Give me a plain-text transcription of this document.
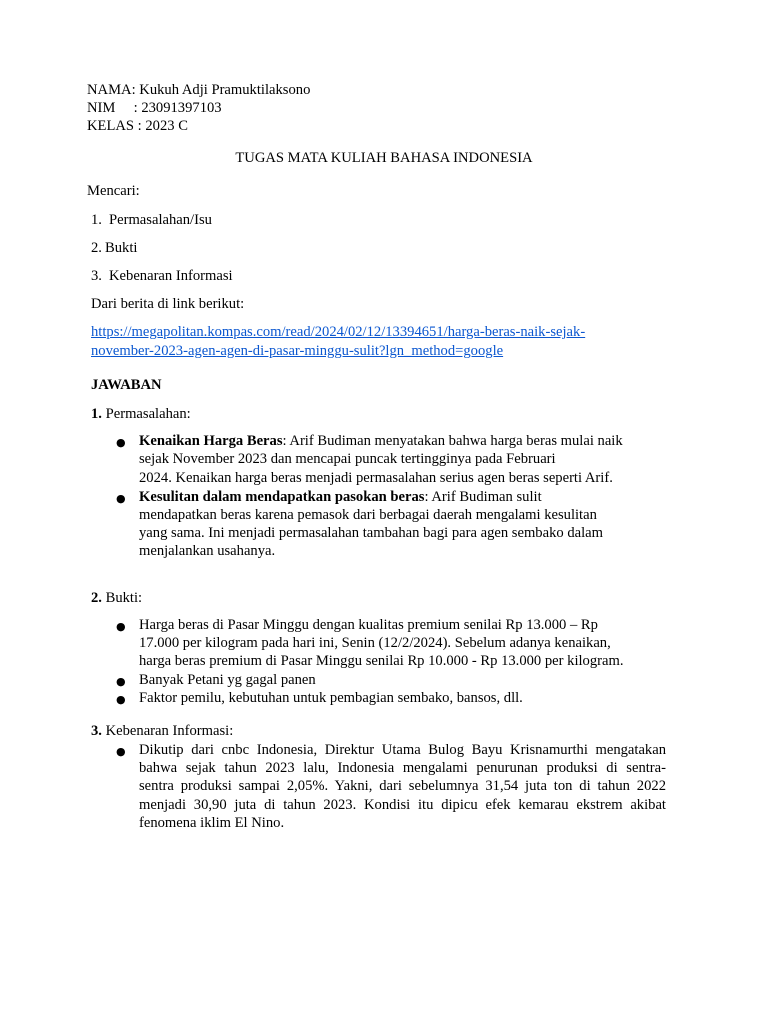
NAMA: Kukuh Adji Pramuktilaksono
NIM     : 23091397103
KELAS : 2023 C
TUGAS MATA KULIAH BAHASA INDONESIA
Mencari:
1. Permasalahan/Isu
2. Bukti
3. Kebenaran Informasi
Dari berita di link berikut:
https://megapolitan.kompas.com/read/2024/02/12/13394651/harga-beras-naik-sejak-
november-2023-agen-agen-di-pasar-minggu-sulit?lgn_method=google
JAWABAN
1. Permasalahan:
● Kenaikan Harga Beras: Arif Budiman menyatakan bahwa harga beras mulai naik
sejak November 2023 dan mencapai puncak tertingginya pada Februari
2024. Kenaikan harga beras menjadi permasalahan serius agen beras seperti Arif.
● Kesulitan dalam mendapatkan pasokan beras: Arif Budiman sulit
mendapatkan beras karena pemasok dari berbagai daerah mengalami kesulitan
yang sama. Ini menjadi permasalahan tambahan bagi para agen sembako dalam
menjalankan usahanya.
2. Bukti:
● Harga beras di Pasar Minggu dengan kualitas premium senilai Rp 13.000 – Rp
17.000 per kilogram pada hari ini, Senin (12/2/2024). Sebelum adanya kenaikan,
harga beras premium di Pasar Minggu senilai Rp 10.000 - Rp 13.000 per kilogram.
● Banyak Petani yg gagal panen
● Faktor pemilu, kebutuhan untuk pembagian sembako, bansos, dll.
3. Kebenaran Informasi:
● Dikutip dari cnbc Indonesia, Direktur Utama Bulog Bayu Krisnamurthi mengatakan
bahwa sejak tahun 2023 lalu, Indonesia mengalami penurunan produksi di sentra-
sentra produksi sampai 2,05%. Yakni, dari sebelumnya 31,54 juta ton di tahun 2022
menjadi 30,90 juta di tahun 2023. Kondisi itu dipicu efek kemarau ekstrem akibat
fenomena iklim El Nino.
